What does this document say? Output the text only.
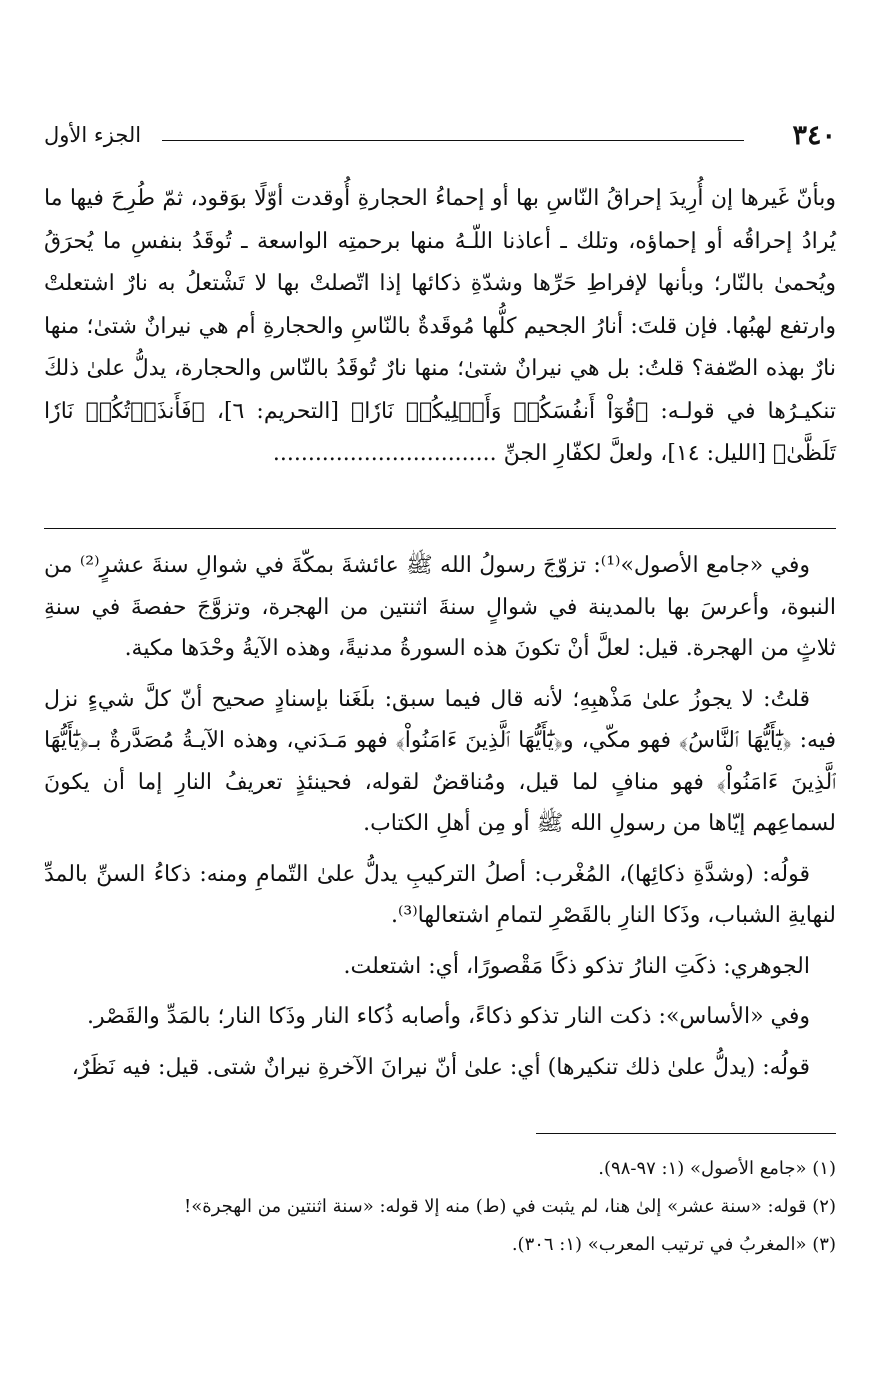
٣٤٠
الجزء الأول
وبأنّ غَيرها إن أُرِيدَ إحراقُ النّاسِ بها أو إحماءُ الحجارةِ أُوقدت أوّلًا بوَقود، ثمّ طُرِحَ فيها ما يُرادُ إحراقُه أو إحماؤه، وتلك ـ أعاذنا اللّـهُ منها برحمتِه الواسعة ـ تُوقَدُ بنفسِ ما يُحرَقُ ويُحمىٰ بالنّار؛ وبأنها لإفراطِ حَرِّها وشدّةِ ذكائها إذا اتّصلتْ بها لا تَشْتعلُ به نارٌ اشتعلتْ وارتفع لهبُها. فإن قلتَ: أنارُ الجحيم كلُّها مُوقَدةٌ بالنّاسِ والحجارةِ أم هي نيرانٌ شتىٰ؛ منها نارٌ بهذه الصّفة؟ قلتُ: بل هي نيرانٌ شتىٰ؛ منها نارٌ تُوقَدُ بالنّاس والحجارة، يدلُّ علىٰ ذلكَ تنكيـرُها في قولـه: ﴿قُوٓاْ أَنفُسَكُمۡ وَأَهۡلِيكُمۡ نَارٗا﴾ [التحريم: ٦]، ﴿فَأَنذَرۡتُكُمۡ نَارٗا تَلَظَّىٰ﴾ [الليل: ١٤]، ولعلَّ لكفّارِ الجنِّ ................................

وفي «جامع الأصول»⁽¹⁾: تزوّجَ رسولُ الله ﷺ عائشةَ بمكّةَ في شوالِ سنةَ عشرٍ⁽²⁾ من النبوة، وأعرسَ بها بالمدينة في شوالٍ سنةَ اثنتين من الهجرة، وتزوَّجَ حفصةَ في سنةِ ثلاثٍ من الهجرة. قيل: لعلَّ أنْ تكونَ هذه السورةُ مدنيةً، وهذه الآيةُ وحْدَها مكية.

قلتُ: لا يجوزُ علىٰ مَذْهبِهِ؛ لأنه قال فيما سبق: بلَغَنا بإسنادٍ صحيح أنّ كلَّ شيءٍ نزل فيه: ﴿يَٰٓأَيُّهَا ٱلنَّاسُ﴾ فهو مكّي، و﴿يَٰٓأَيُّهَا ٱلَّذِينَ ءَامَنُواْ﴾ فهو مَـدَني، وهذه الآيـةُ مُصَدَّرةٌ بـ﴿يَٰٓأَيُّهَا ٱلَّذِينَ ءَامَنُواْ﴾ فهو منافٍ لما قيل، ومُناقضٌ لقوله، فحينئذٍ تعريفُ النارِ إما أن يكونَ لسماعِهم إيّاها من رسولِ الله ﷺ أو مِن أهلِ الكتاب.

قولُه: (وشدَّةِ ذكائِها)، المُغْرب: أصلُ التركيبِ يدلُّ علىٰ التّمامِ ومنه: ذكاءُ السنِّ بالمدِّ لنهايةِ الشباب، وذَكا النارِ بالقَصْرِ لتمامِ اشتعالها⁽³⁾.

الجوهري: ذكَتِ النارُ تذكو ذكًا مَقْصورًا، أي: اشتعلت.

وفي «الأساس»: ذكت النار تذكو ذكاءً، وأصابه ذُكاء النار وذَكا النار؛ بالمَدِّ والقَصْر.

قولُه: (يدلُّ علىٰ ذلك تنكيرها) أي: علىٰ أنّ نيرانَ الآخرةِ نيرانٌ شتى. قيل: فيه نَظَرٌ،

(١) «جامع الأصول» (١: ٩٧-٩٨).
(٢) قوله: «سنة عشر» إلىٰ هنا، لم يثبت في (ط) منه إلا قوله: «سنة اثنتين من الهجرة»!
(٣) «المغربُ في ترتيب المعرب» (١: ٣٠٦).
